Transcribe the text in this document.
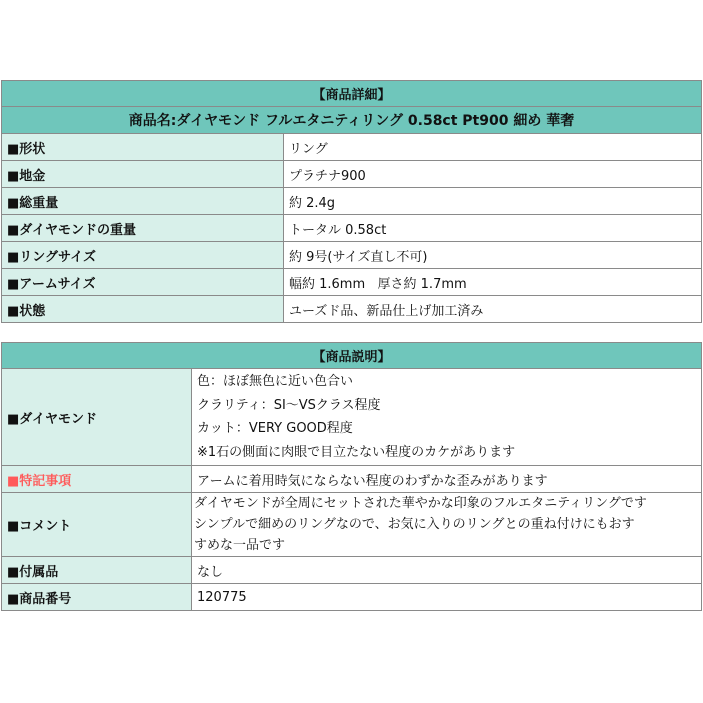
【商品詳細】	
商品名:ダイヤモンド フルエタニティリング 0.58ct Pt900 細め 華奢	
■形状	リング
■地金	プラチナ900
■総重量	約 2.4g
■ダイヤモンドの重量	トータル 0.58ct
■リングサイズ	約 9号(サイズ直し不可)
■アームサイズ	幅約 1.6mm   厚さ約 1.7mm
■状態	ユーズド品、新品仕上げ加工済み
【商品説明】	
■ダイヤモンド	色：ほぼ無色に近い色合い
クラリティ：SI～VSクラス程度
カット：VERY GOOD程度
※1石の側面に肉眼で目立たない程度のカケがあります

■特記事項	アームに着用時気にならない程度のわずかな歪みがあります
■コメント	ダイヤモンドが全周にセットされた華やかな印象のフルエタニティリングです
シンプルで細めのリングなので、お気に入りのリングとの重ね付けにもおす
すめな一品です

■付属品	なし
■商品番号	120775
